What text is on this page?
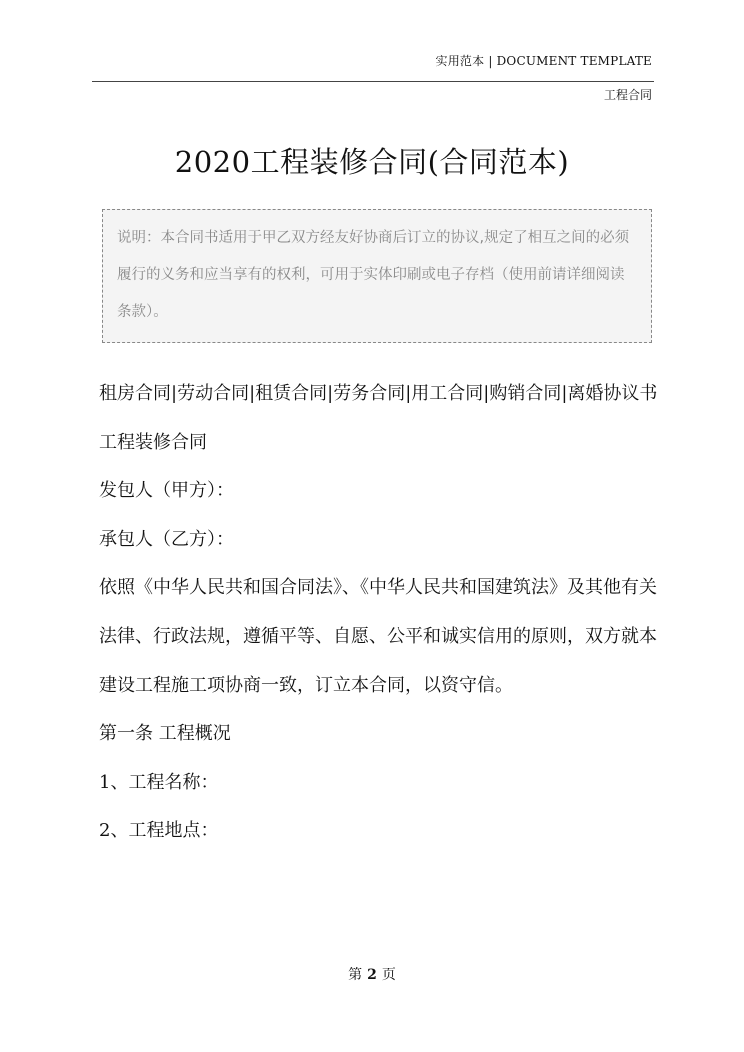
实用范本 | DOCUMENT TEMPLATE
工程合同
2020工程装修合同(合同范本)
说明：本合同书适用于甲乙双方经友好协商后订立的协议,规定了相互之间的必须履行的义务和应当享有的权利，可用于实体印刷或电子存档（使用前请详细阅读条款）。

租房合同|劳动合同|租赁合同|劳务合同|用工合同|购销合同|离婚协议书

工程装修合同

发包人（甲方）：

承包人（乙方）：

依照《中华人民共和国合同法》、《中华人民共和国建筑法》及其他有关法律、行政法规，遵循平等、自愿、公平和诚实信用的原则，双方就本建设工程施工项协商一致，订立本合同，以资守信。

第一条 工程概况

1、工程名称：

2、工程地点：

第 2 页
